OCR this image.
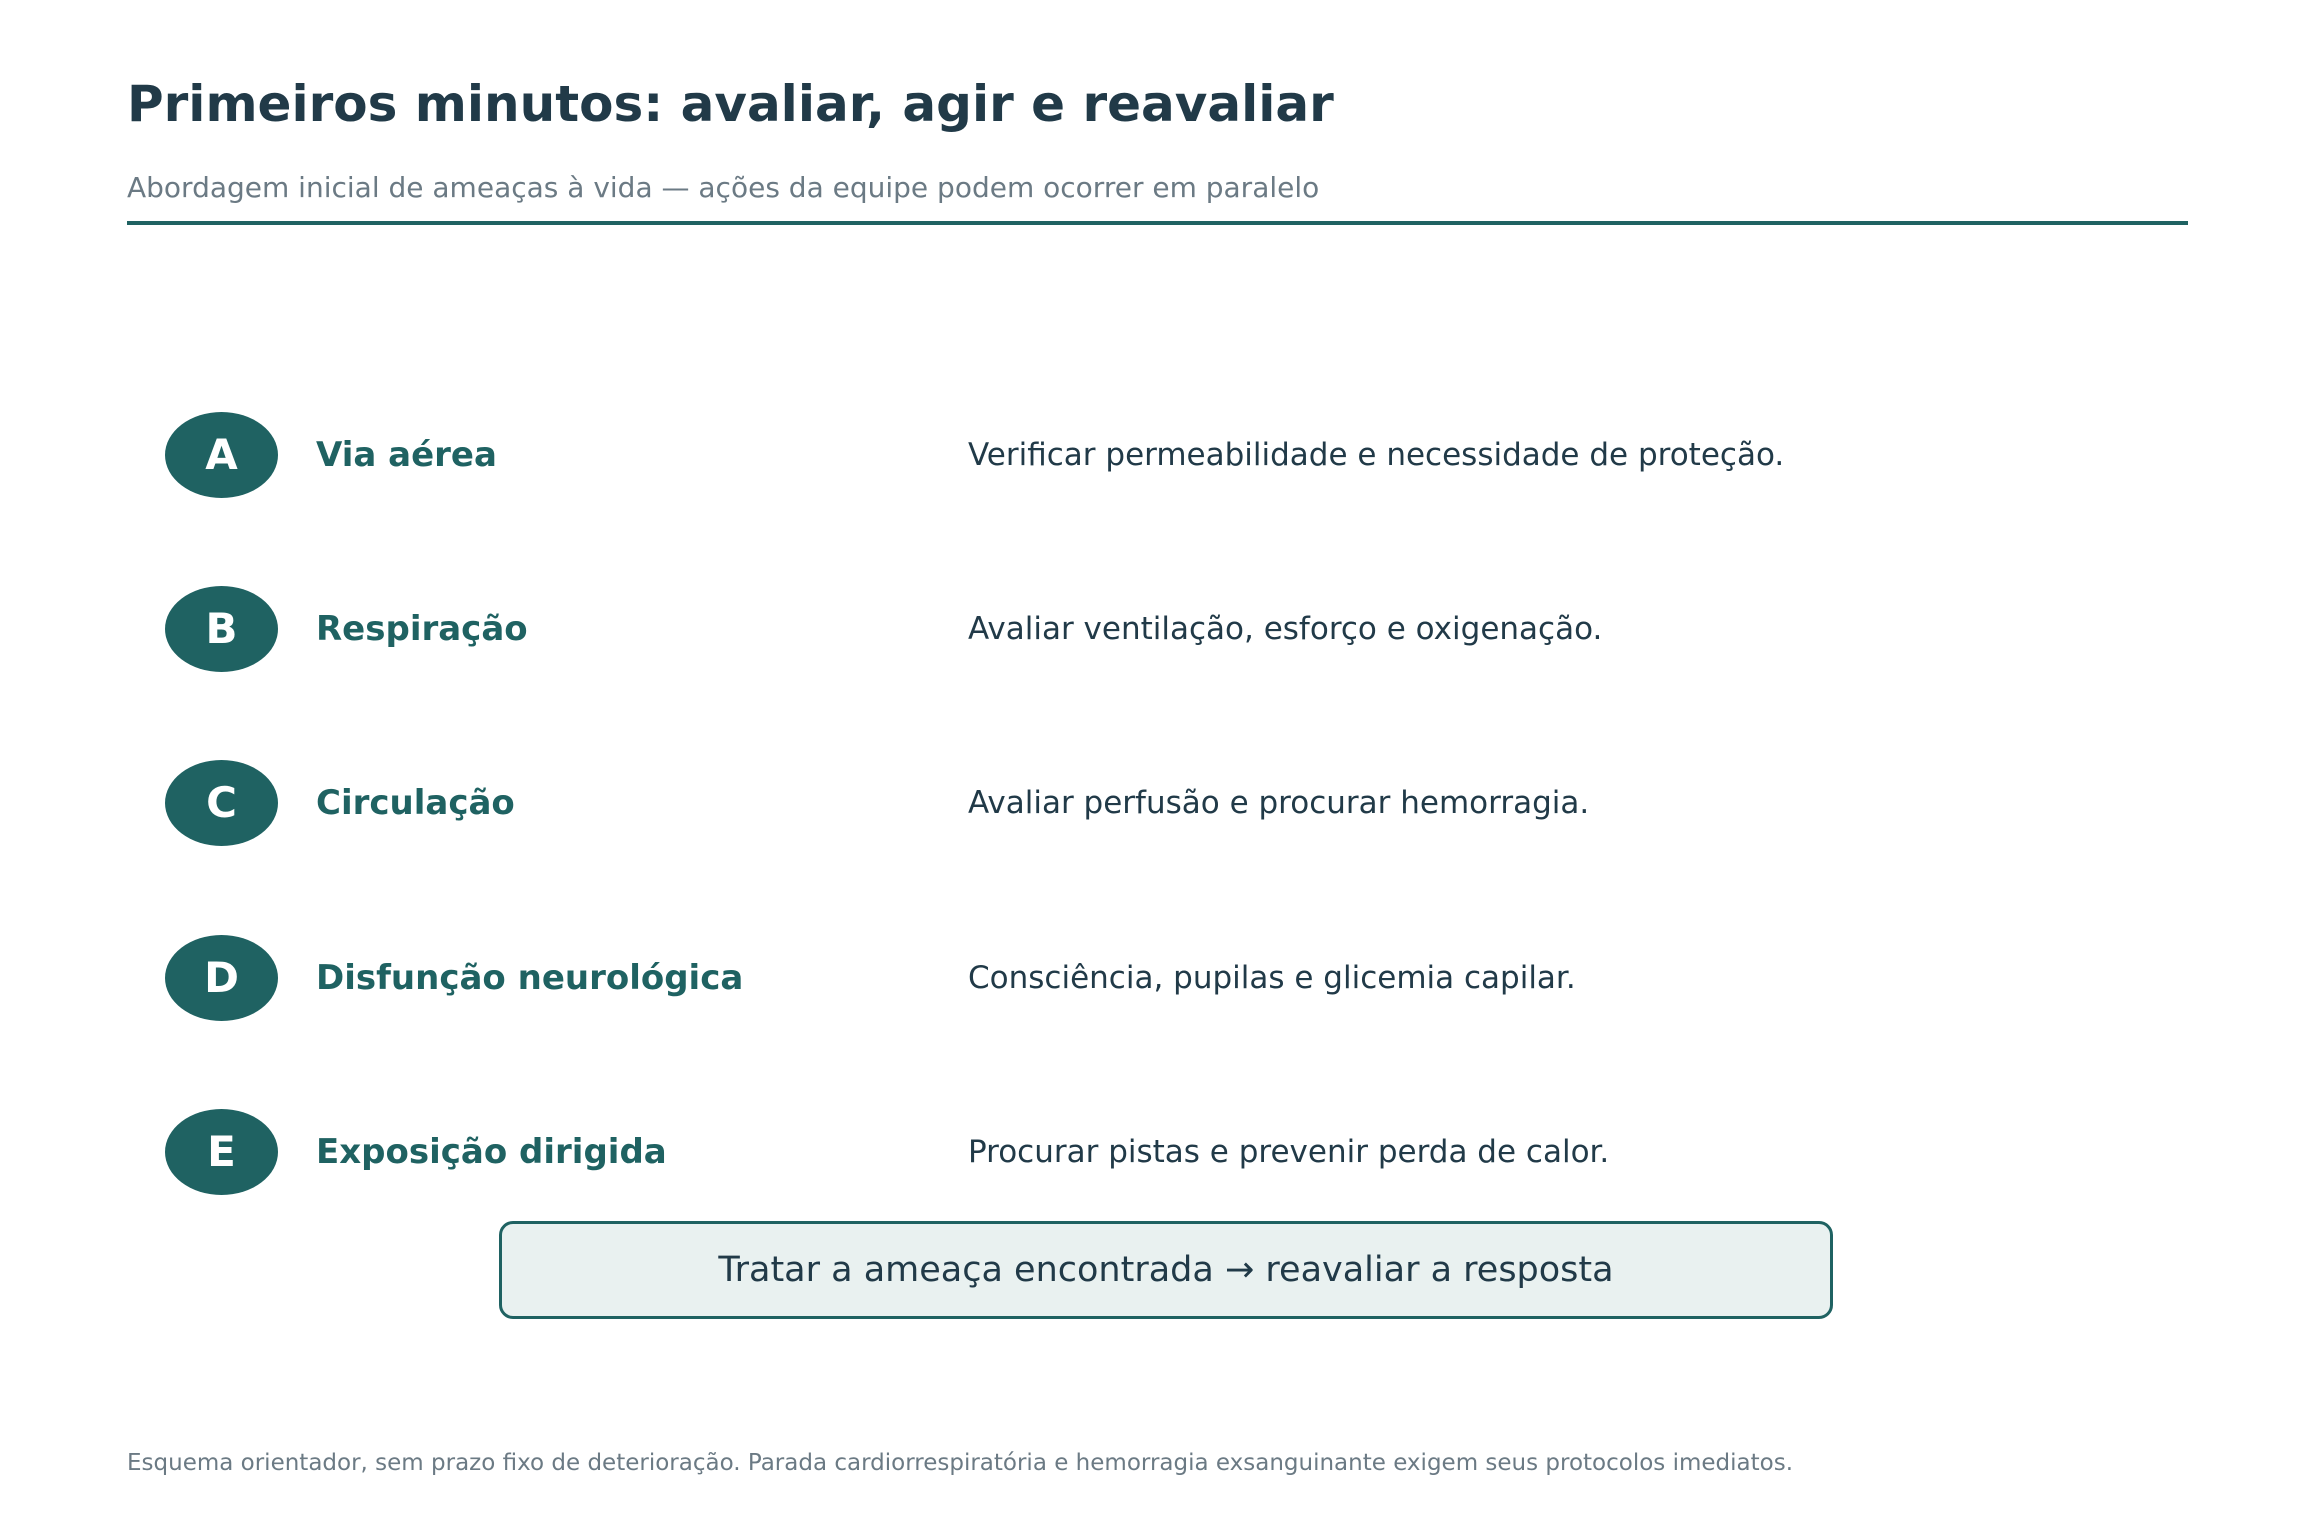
Primeiros minutos: avaliar, agir e reavaliar

Abordagem inicial de ameaças à vida — ações da equipe podem ocorrer em paralelo

A	Via aérea	Verificar permeabilidade e necessidade de proteção.
B	Respiração	Avaliar ventilação, esforço e oxigenação.
C	Circulação	Avaliar perfusão e procurar hemorragia.
D	Disfunção neurológica	Consciência, pupilas e glicemia capilar.
E	Exposição dirigida	Procurar pistas e prevenir perda de calor.
Tratar a ameaça encontrada → reavaliar a resposta

Esquema orientador, sem prazo fixo de deterioração. Parada cardiorrespiratória e hemorragia exsanguinante exigem seus protocolos imediatos.
